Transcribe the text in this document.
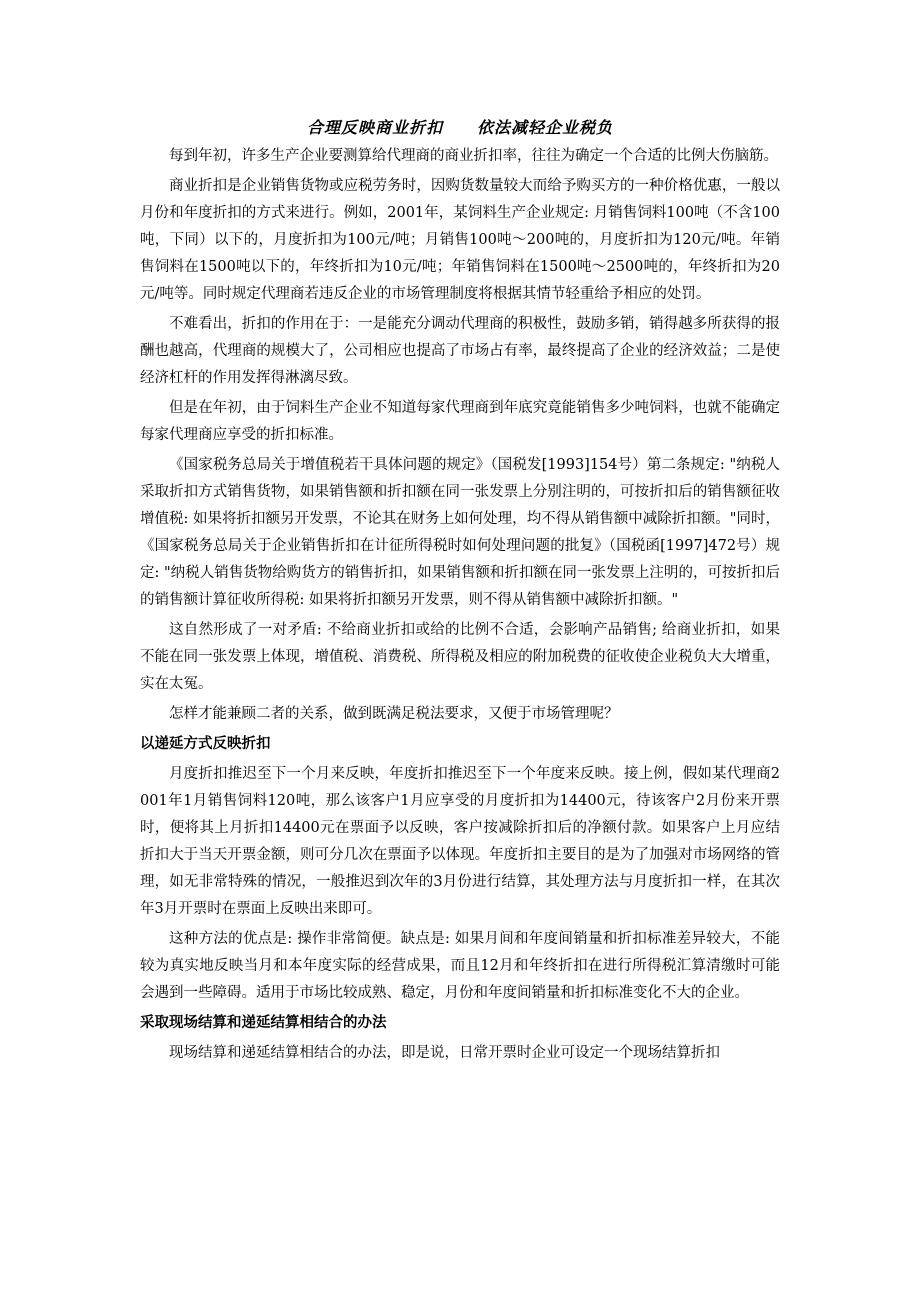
合理反映商业折扣　　依法减轻企业税负

每到年初，许多生产企业要测算给代理商的商业折扣率，往往为确定一个合适的比例大伤脑筋。

商业折扣是企业销售货物或应税劳务时，因购货数量较大而给予购买方的一种价格优惠，一般以月份和年度折扣的方式来进行。例如，2001年，某饲料生产企业规定: 月销售饲料100吨（不含100吨，下同）以下的，月度折扣为100元/吨；月销售100吨～200吨的，月度折扣为120元/吨。年销售饲料在1500吨以下的，年终折扣为10元/吨；年销售饲料在1500吨～2500吨的，年终折扣为20元/吨等。同时规定代理商若违反企业的市场管理制度将根据其情节轻重给予相应的处罚。

不难看出，折扣的作用在于：一是能充分调动代理商的积极性，鼓励多销，销得越多所获得的报酬也越高，代理商的规模大了，公司相应也提高了市场占有率，最终提高了企业的经济效益；二是使经济杠杆的作用发挥得淋漓尽致。

但是在年初，由于饲料生产企业不知道每家代理商到年底究竟能销售多少吨饲料，也就不能确定每家代理商应享受的折扣标准。

《国家税务总局关于增值税若干具体问题的规定》（国税发[1993]154号）第二条规定: "纳税人采取折扣方式销售货物，如果销售额和折扣额在同一张发票上分别注明的，可按折扣后的销售额征收增值税: 如果将折扣额另开发票，不论其在财务上如何处理，均不得从销售额中减除折扣额。"同时，《国家税务总局关于企业销售折扣在计征所得税时如何处理问题的批复》（国税函[1997]472号）规定: "纳税人销售货物给购货方的销售折扣，如果销售额和折扣额在同一张发票上注明的，可按折扣后的销售额计算征收所得税: 如果将折扣额另开发票，则不得从销售额中减除折扣额。"

这自然形成了一对矛盾: 不给商业折扣或给的比例不合适，会影响产品销售; 给商业折扣，如果不能在同一张发票上体现，增值税、消费税、所得税及相应的附加税费的征收使企业税负大大增重，实在太冤。

怎样才能兼顾二者的关系，做到既满足税法要求，又便于市场管理呢？

以递延方式反映折扣

月度折扣推迟至下一个月来反映，年度折扣推迟至下一个年度来反映。接上例，假如某代理商2001年1月销售饲料120吨，那么该客户1月应享受的月度折扣为14400元，待该客户2月份来开票时，便将其上月折扣14400元在票面予以反映，客户按减除折扣后的净额付款。如果客户上月应结折扣大于当天开票金额，则可分几次在票面予以体现。年度折扣主要目的是为了加强对市场网络的管理，如无非常特殊的情况，一般推迟到次年的3月份进行结算，其处理方法与月度折扣一样，在其次年3月开票时在票面上反映出来即可。

这种方法的优点是: 操作非常简便。缺点是: 如果月间和年度间销量和折扣标准差异较大，不能较为真实地反映当月和本年度实际的经营成果，而且12月和年终折扣在进行所得税汇算清缴时可能会遇到一些障碍。适用于市场比较成熟、稳定，月份和年度间销量和折扣标准变化不大的企业。

采取现场结算和递延结算相结合的办法

现场结算和递延结算相结合的办法，即是说，日常开票时企业可设定一个现场结算折扣
